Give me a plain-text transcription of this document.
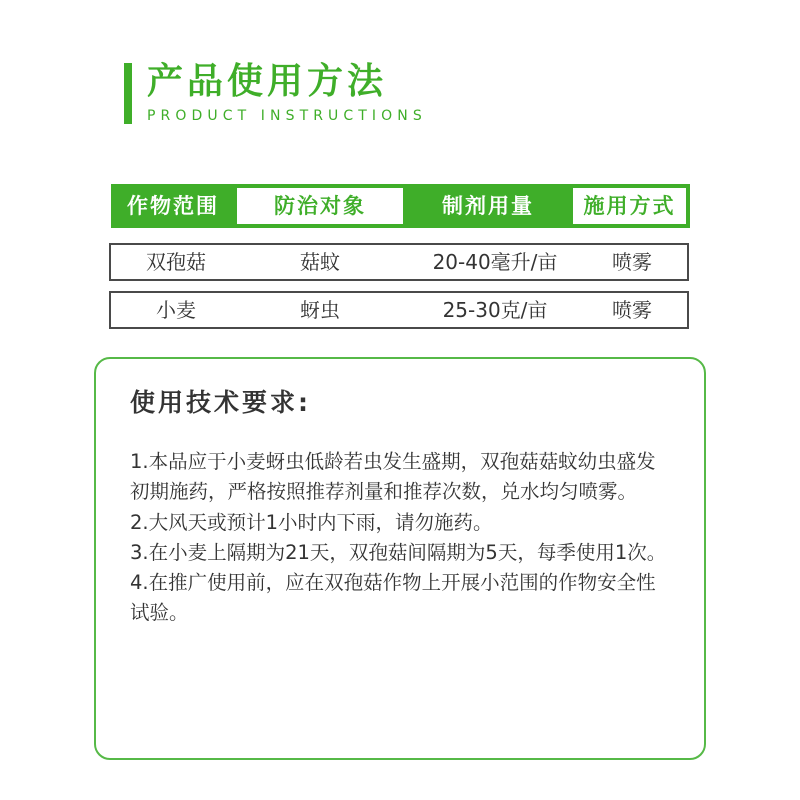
产品使用方法
PRODUCT INSTRUCTIONS
作物范围	防治对象	制剂用量	施用方式
双孢菇	菇蚊	20-40毫升/亩	喷雾
小麦	蚜虫	25-30克/亩	喷雾
使用技术要求:

1.本品应于小麦蚜虫低龄若虫发生盛期，双孢菇菇蚊幼虫盛发初期施药，严格按照推荐剂量和推荐次数，兑水均匀喷雾。

2.大风天或预计1小时内下雨，请勿施药。

3.在小麦上隔期为21天，双孢菇间隔期为5天，每季使用1次。

4.在推广使用前，应在双孢菇作物上开展小范围的作物安全性试验。
